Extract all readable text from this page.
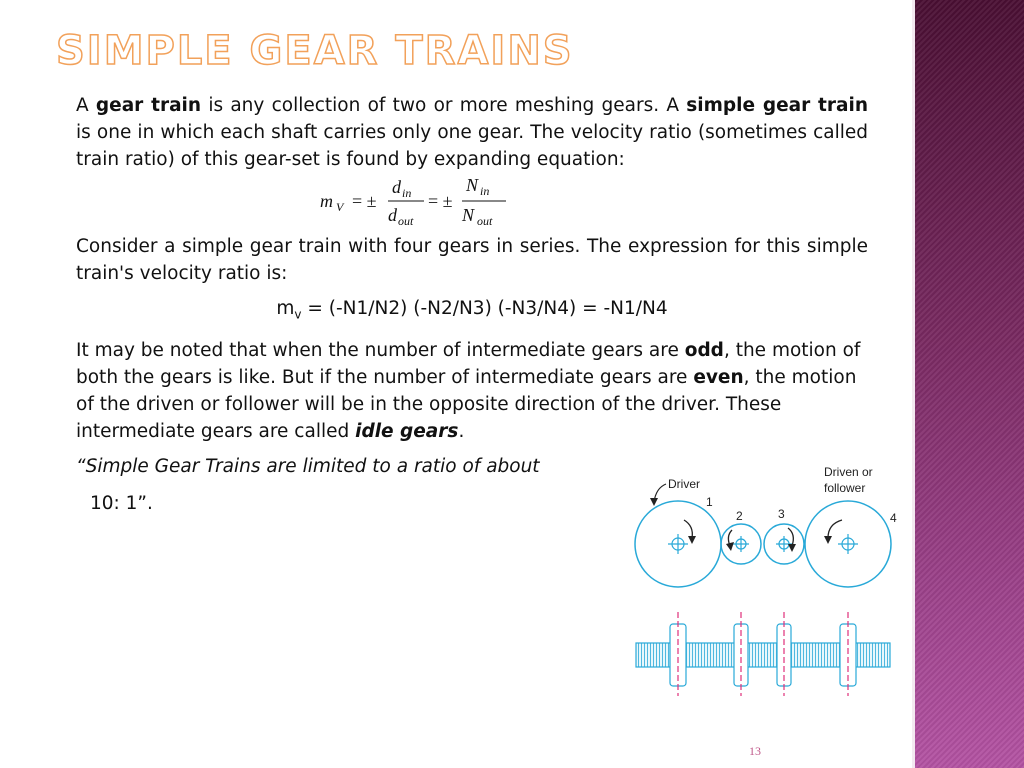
SIMPLE GEAR TRAINS

A gear train is any collection of two or more meshing gears. A simple gear train is one in which each shaft carries only one gear. The velocity ratio (sometimes called train ratio) of this gear-set is found by expanding equation:

m V = ±
d in
d out
= ±
N in
N out

Consider a simple gear train with four gears in series. The expression for this simple train's velocity ratio is:

$m_v = (-N1/N2)$ (-N2/N3) (-N3/N4) = -N1/N4

It may be noted that when the number of intermediate gears are odd, the motion of both the gears is like. But if the number of intermediate gears are even, the motion of the driven or follower will be in the opposite direction of the driver. These intermediate gears are called idle gears.

“Simple Gear Trains are limited to a ratio of about

10: 1”.

Driver
Driven or
follower
1
2	3	4
13
